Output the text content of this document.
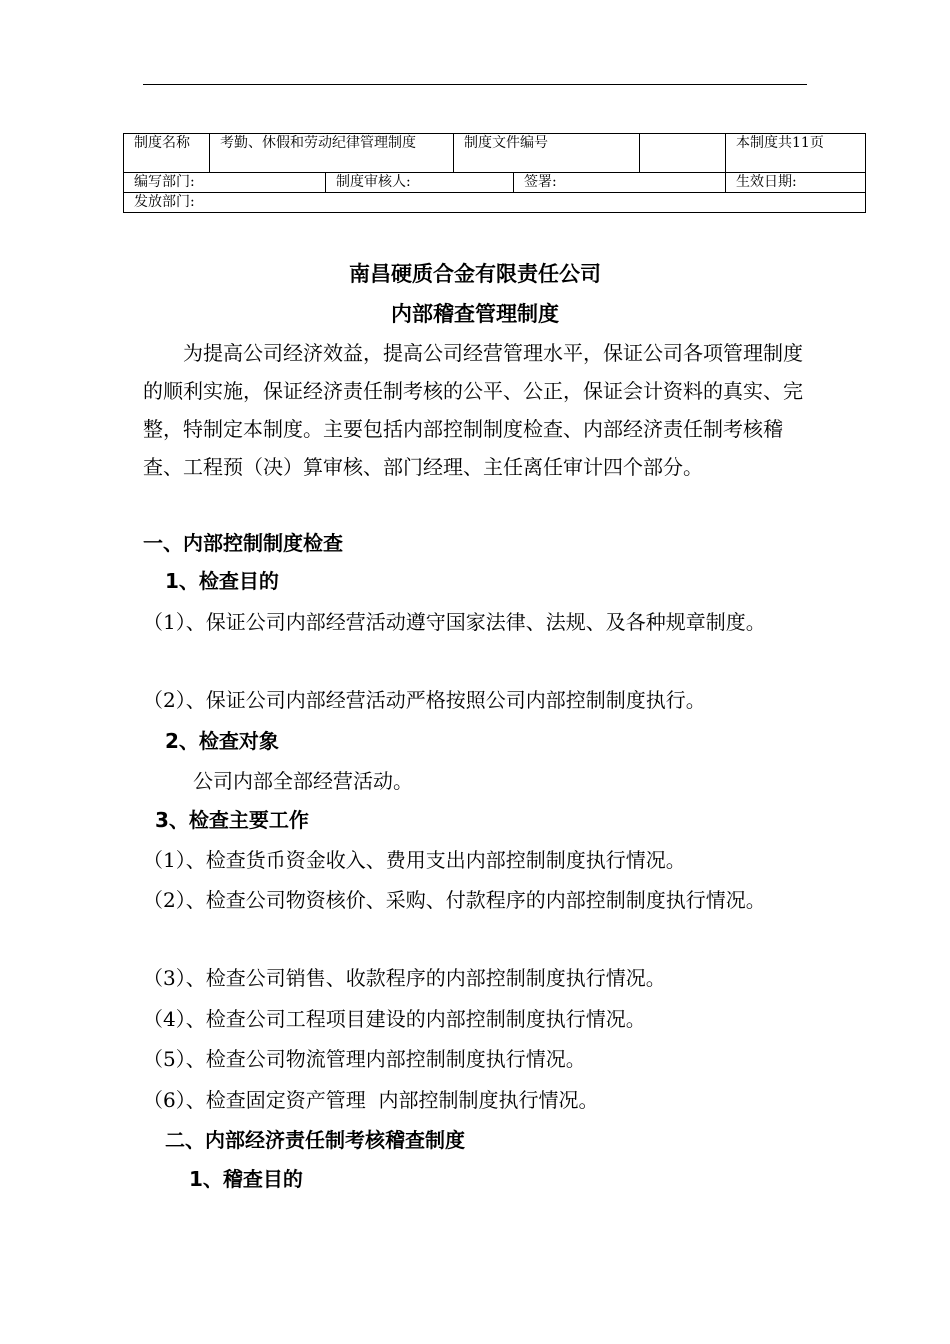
制度名称	考勤、休假和劳动纪律管理制度		制度文件编号			本制度共11页
编写部门:		制度审核人:		签署:		生效日期:
发放部门:						
南昌硬质合金有限责任公司
内部稽查管理制度
为提高公司经济效益，提高公司经营管理水平，保证公司各项管理制度的顺利实施，保证经济责任制考核的公平、公正，保证会计资料的真实、完整，特制定本制度。主要包括内部控制制度检查、内部经济责任制考核稽查、工程预（决）算审核、部门经理、主任离任审计四个部分。
一、内部控制制度检查
1、检查目的
（1）、保证公司内部经营活动遵守国家法律、法规、及各种规章制度。
（2）、保证公司内部经营活动严格按照公司内部控制制度执行。
2、检查对象
公司内部全部经营活动。
3、检查主要工作
（1）、检查货币资金收入、费用支出内部控制制度执行情况。
（2）、检查公司物资核价、采购、付款程序的内部控制制度执行情况。
（3）、检查公司销售、收款程序的内部控制制度执行情况。
（4）、检查公司工程项目建设的内部控制制度执行情况。
（5）、检查公司物流管理内部控制制度执行情况。
（6）、检查固定资产管理  内部控制制度执行情况。
二、内部经济责任制考核稽查制度
1、稽查目的
